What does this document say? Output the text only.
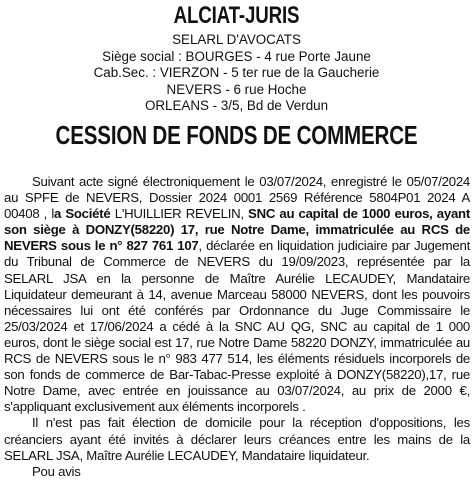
ALCIAT-JURIS
SELARL D'AVOCATS
Siège social : BOURGES - 4 rue Porte Jaune
Cab.Sec. : VIERZON - 5 ter rue de la Gaucherie
NEVERS - 6 rue Hoche
ORLEANS - 3/5, Bd de Verdun
CESSION DE FONDS DE COMMERCE

Suivant acte signé électroniquement le 03/07/2024, enregistré le 05/07/2024 au SPFE de NEVERS, Dossier 2024 0001 2569 Référence 5804P01 2024 A 00408 , la Société L'HUILLIER REVELIN, SNC au capital de 1000 euros, ayant son siège à DONZY(58220) 17, rue Notre Dame, immatriculée au RCS de NEVERS sous le n° 827 761 107, déclarée en liquidation judiciaire par Jugement du Tribunal de Commerce de NEVERS du 19/09/2023, représentée par la SELARL JSA en la personne de Maître Aurélie LECAUDEY, Mandataire Liquidateur demeurant à 14, avenue Marceau 58000 NEVERS, dont les pouvoirs nécessaires lui ont été conférés par Ordonnance du Juge Commissaire le 25/03/2024 et 17/06/2024 a cédé à la SNC AU QG, SNC au capital de 1 000 euros, dont le siège social est 17, rue Notre Dame 58220 DONZY, immatriculée au RCS de NEVERS sous le n° 983 477 514, les éléments résiduels incorporels de son fonds de commerce de Bar-Tabac-Presse exploité à DONZY(58220),17, rue Notre Dame, avec entrée en jouissance au 03/07/2024, au prix de 2000 €, s'appliquant exclusivement aux éléments incorporels .

Il n'est pas fait élection de domicile pour la réception d'oppositions, les créanciers ayant été invités à déclarer leurs créances entre les mains de la SELARL JSA, Maître Aurélie LECAUDEY, Mandataire liquidateur.

Pou avis
